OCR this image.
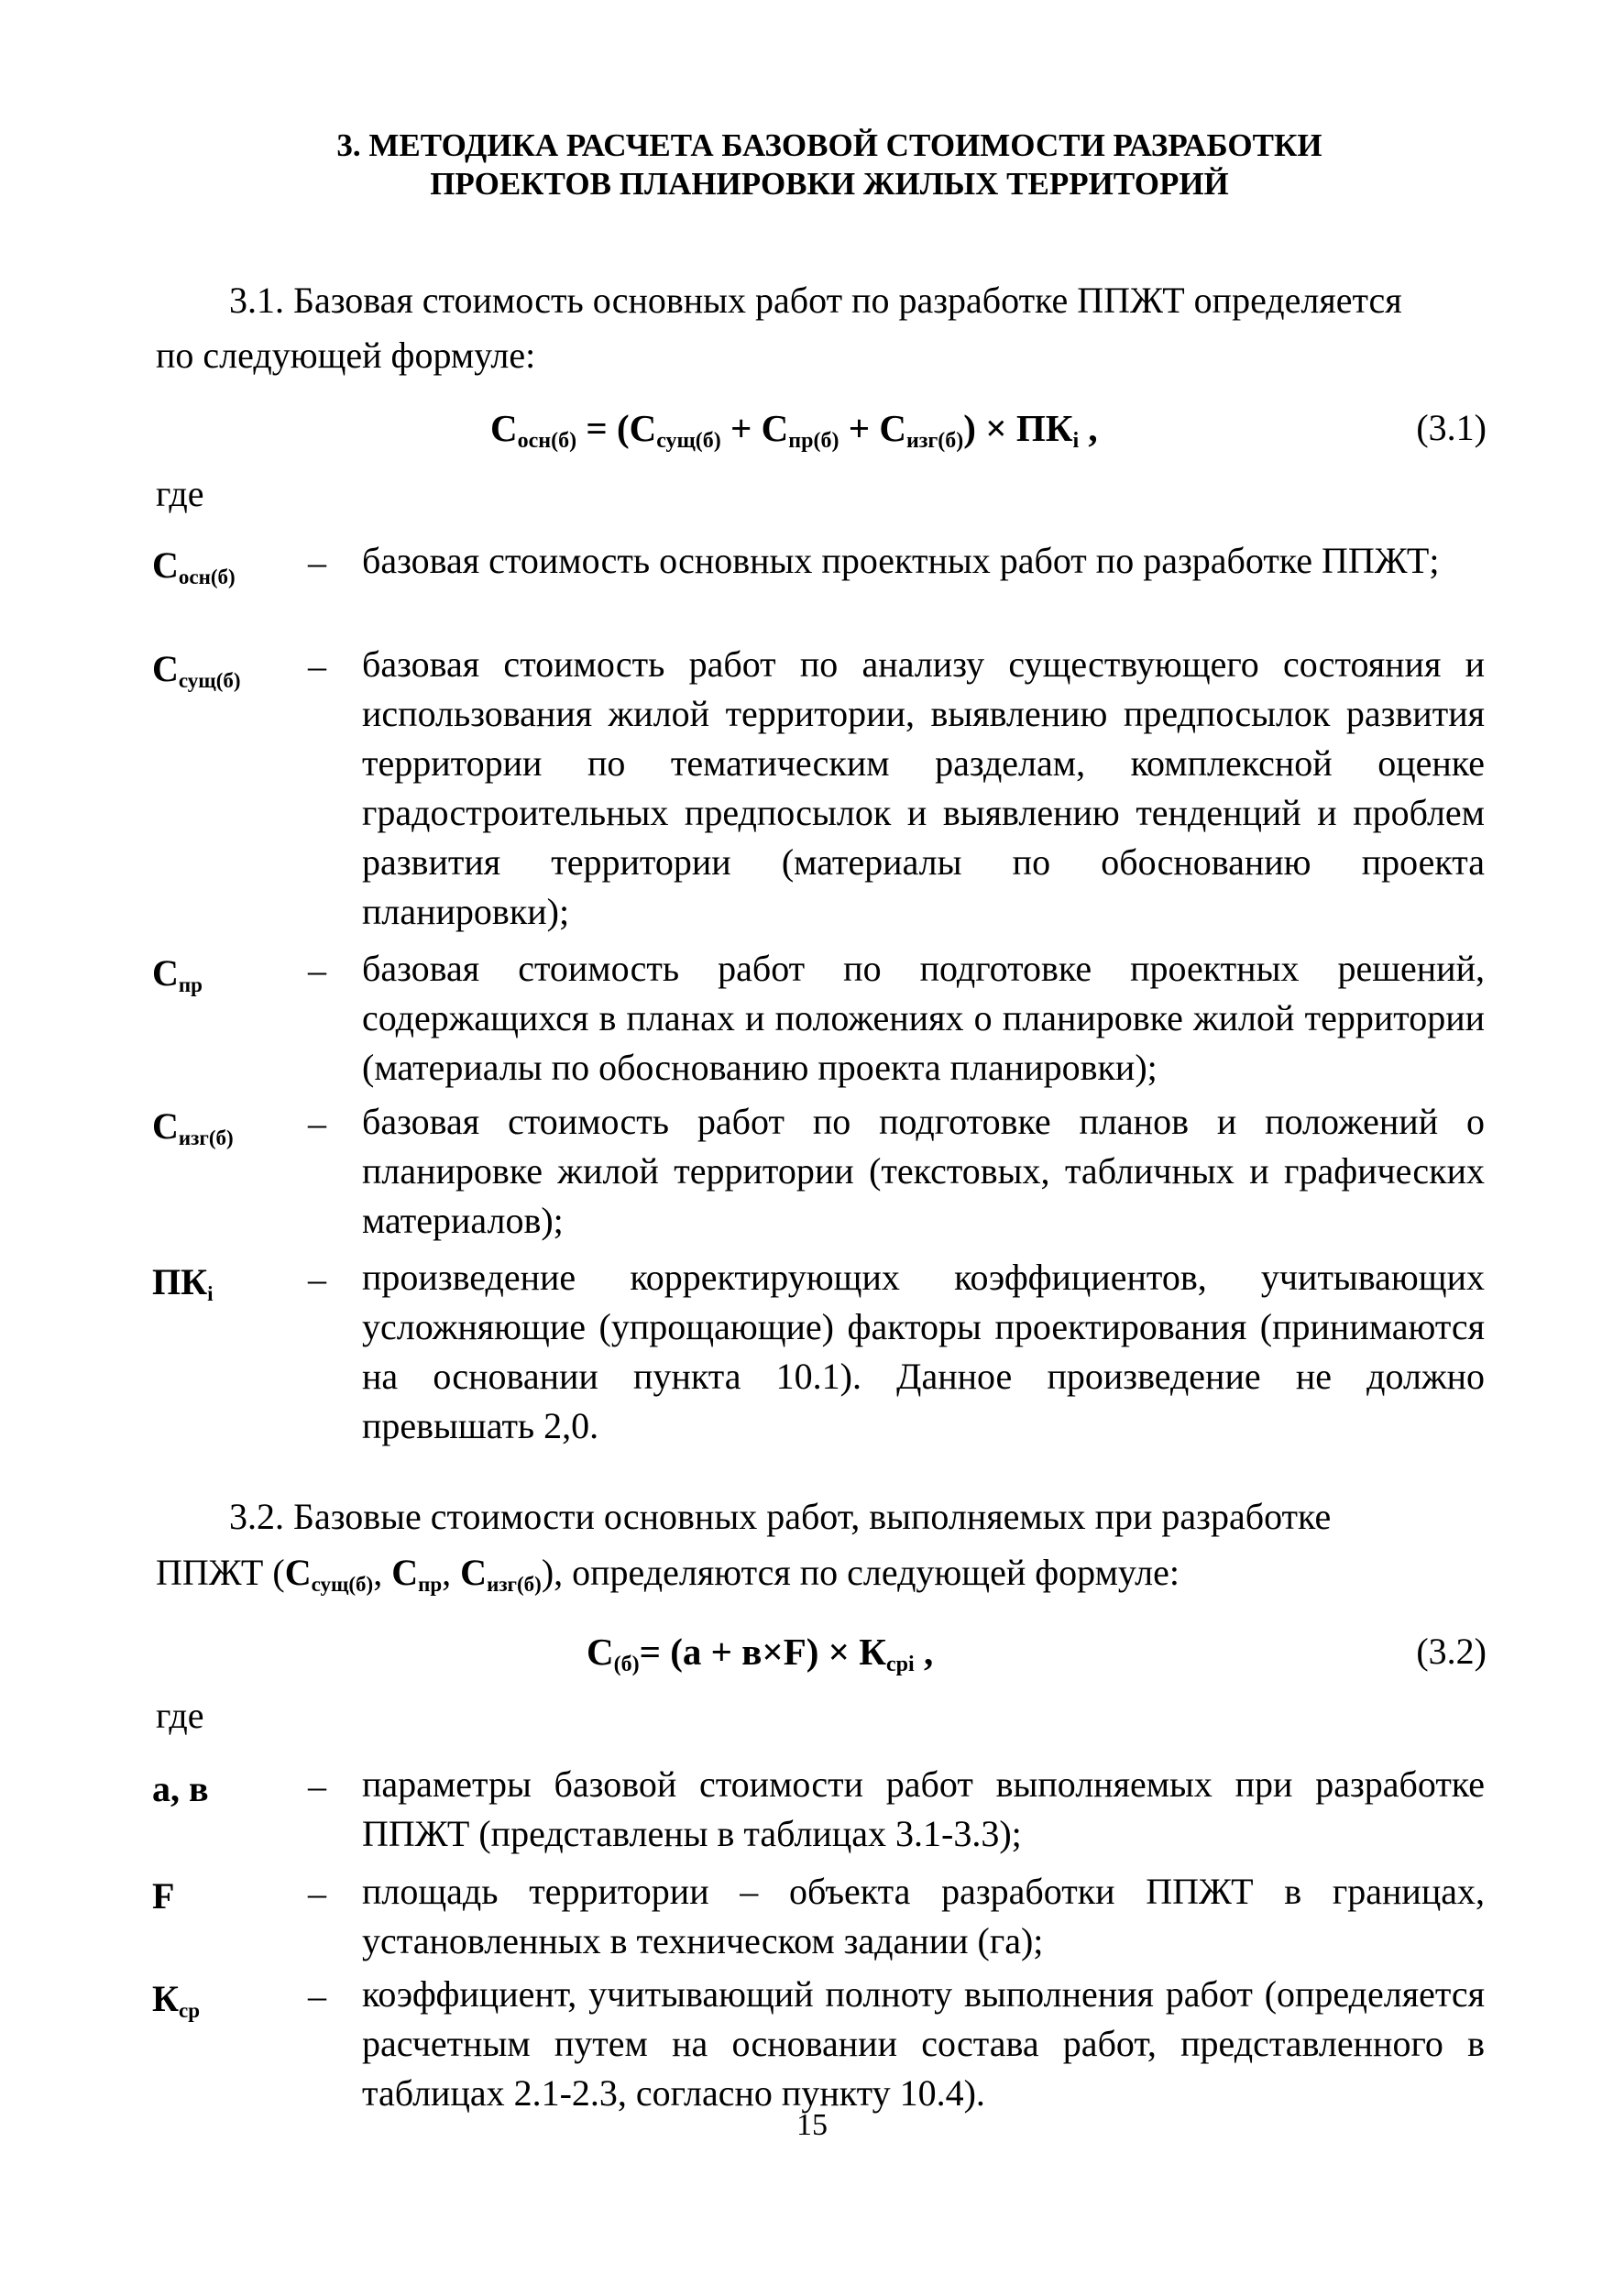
3. МЕТОДИКА РАСЧЕТА БАЗОВОЙ СТОИМОСТИ РАЗРАБОТКИ
ПРОЕКТОВ ПЛАНИРОВКИ ЖИЛЫХ ТЕРРИТОРИЙ
3.1. Базовая стоимость основных работ по разработке ППЖТ определяется
по следующей формуле:
$C_{осн(б)} = (C_{сущ(б)} + C_{пр(б)} + C_{изг(б)}) \times ПК_i$ ,	(3.1)
где
$С_{осн(б)}$ – базовая стоимость основных проектных работ по разработке ППЖТ;
$С_{сущ(б)}$ – базовая стоимость работ по анализу существующего состояния и использования жилой территории, выявлению предпосылок развития территории по тематическим разделам, комплексной оценке градостроительных предпосылок и выявлению тенденций и проблем развития территории (материалы по обоснованию проекта планировки);
$С_{пр}$	– базовая стоимость работ по подготовке проектных решений, содержащихся в планах и положениях о планировке жилой территории (материалы по обоснованию проекта планировки);
$С_{изг(б)}$ – базовая стоимость работ по подготовке планов и положений о планировке жилой территории (текстовых, табличных и графических материалов);
$ПК_i$	– произведение корректирующих коэффициентов, учитывающих усложняющие (упрощающие) факторы проектирования (принимаются на основании пункта 10.1). Данное произведение не должно превышать 2,0.
3.2. Базовые стоимости основных работ, выполняемых при разработке
ППЖТ ($С_{сущ(б)}$, $С_{пр}$, $С_{изг(б)}$), определяются по следующей формуле:
$С_{(б)}= (а + в\times F) \times К_{срi}$ ,	(3.2)
где
а, в	– параметры базовой стоимости работ выполняемых при разработке ППЖТ (представлены в таблицах 3.1-3.3);
F	– площадь территории – объекта разработки ППЖТ в границах, установленных в техническом задании (га);
$К_{ср}$	– коэффициент, учитывающий полноту выполнения работ (определяется расчетным путем на основании состава работ, представленного в таблицах 2.1-2.3, согласно пункту 10.4).
15
